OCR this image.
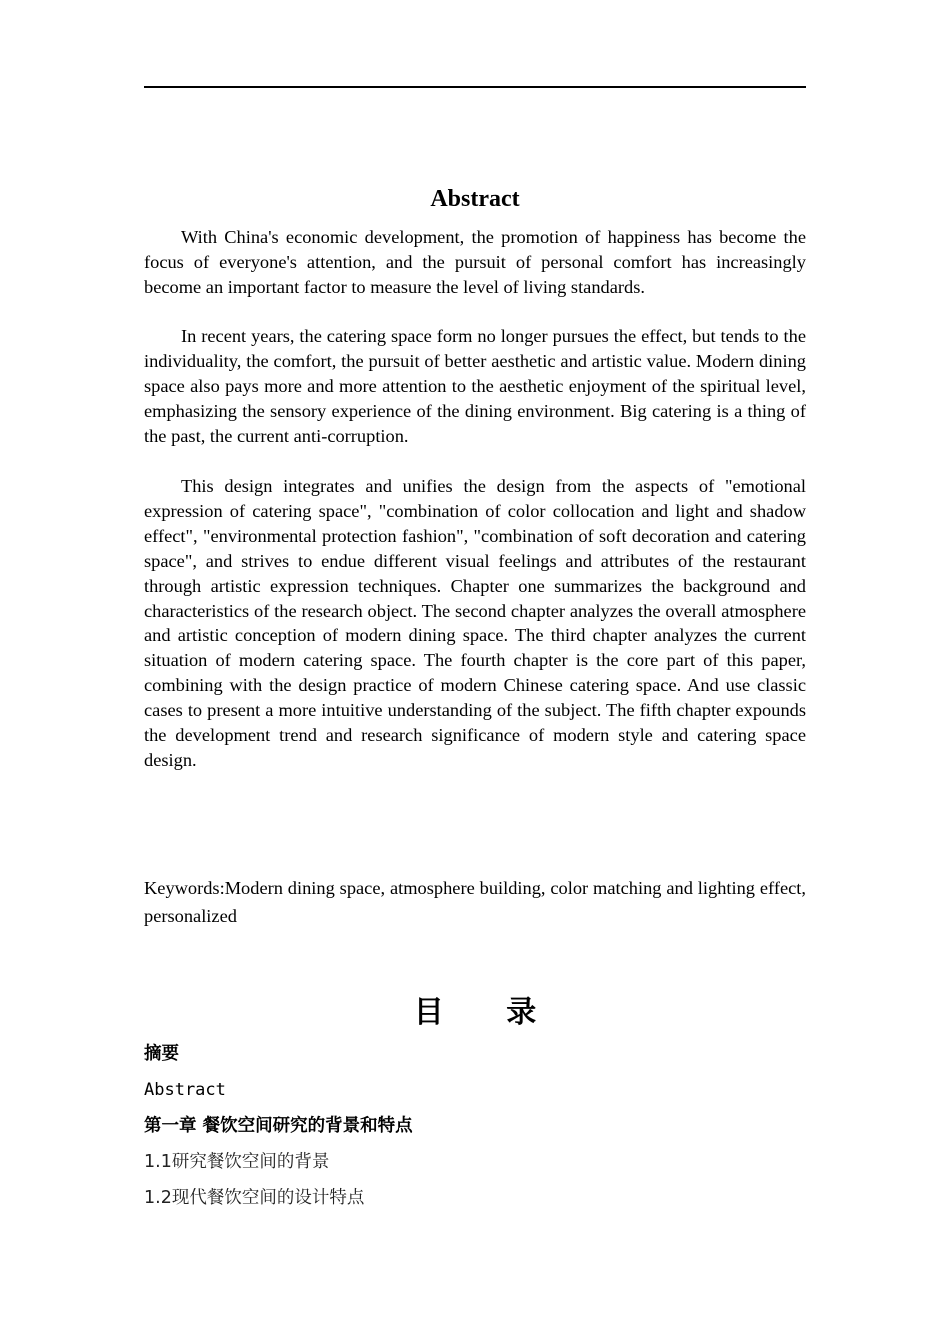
Abstract

With China's economic development, the promotion of happiness has become the focus of everyone's attention, and the pursuit of personal comfort has increasingly become an important factor to measure the level of living standards.

In recent years, the catering space form no longer pursues the effect, but tends to the individuality, the comfort, the pursuit of better aesthetic and artistic value. Modern dining space also pays more and more attention to the aesthetic enjoyment of the spiritual level, emphasizing the sensory experience of the dining environment. Big catering is a thing of the past, the current anti-corruption.

This design integrates and unifies the design from the aspects of "emotional expression of catering space", "combination of color collocation and light and shadow effect", "environmental protection fashion", "combination of soft decoration and catering space", and strives to endue different visual feelings and attributes of the restaurant through artistic expression techniques. Chapter one summarizes the background and characteristics of the research object. The second chapter analyzes the overall atmosphere and artistic conception of modern dining space. The third chapter analyzes the current situation of modern catering space. The fourth chapter is the core part of this paper, combining with the design practice of modern Chinese catering space. And use classic cases to present a more intuitive understanding of the subject. The fifth chapter expounds the development trend and research significance of modern style and catering space design.

Keywords:Modern dining space, atmosphere building, color matching and lighting effect, personalized

目 录

摘要

Abstract

第一章 餐饮空间研究的背景和特点

1.1研究餐饮空间的背景

1.2现代餐饮空间的设计特点
